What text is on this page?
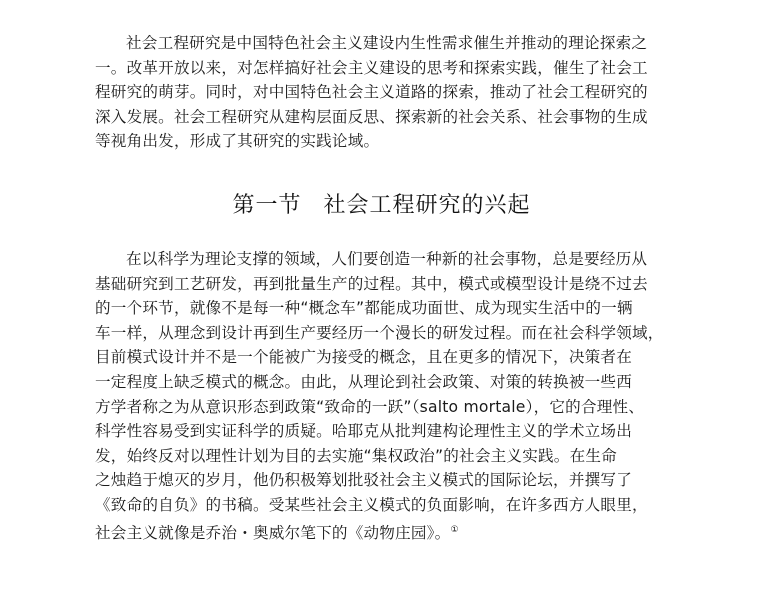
社会工程研究是中国特色社会主义建设内生性需求催生并推动的理论探索之
一。改革开放以来，对怎样搞好社会主义建设的思考和探索实践，催生了社会工
程研究的萌芽。同时，对中国特色社会主义道路的探索，推动了社会工程研究的
深入发展。社会工程研究从建构层面反思、探索新的社会关系、社会事物的生成
等视角出发，形成了其研究的实践论域。
第一节 社会工程研究的兴起
在以科学为理论支撑的领域，人们要创造一种新的社会事物，总是要经历从
基础研究到工艺研发，再到批量生产的过程。其中，模式或模型设计是绕不过去
的一个环节，就像不是每一种“概念车”都能成功面世、成为现实生活中的一辆
车一样，从理念到设计再到生产要经历一个漫长的研发过程。而在社会科学领域，
目前模式设计并不是一个能被广为接受的概念，且在更多的情况下，决策者在
一定程度上缺乏模式的概念。由此，从理论到社会政策、对策的转换被一些西
方学者称之为从意识形态到政策“致命的一跃”（salto mortale），它的合理性、
科学性容易受到实证科学的质疑。哈耶克从批判建构论理性主义的学术立场出
发，始终反对以理性计划为目的去实施“集权政治”的社会主义实践。在生命
之烛趋于熄灭的岁月，他仍积极筹划批驳社会主义模式的国际论坛，并撰写了
《致命的自负》的书稿。受某些社会主义模式的负面影响，在许多西方人眼里，
社会主义就像是乔治・奥威尔笔下的《动物庄园》。①
